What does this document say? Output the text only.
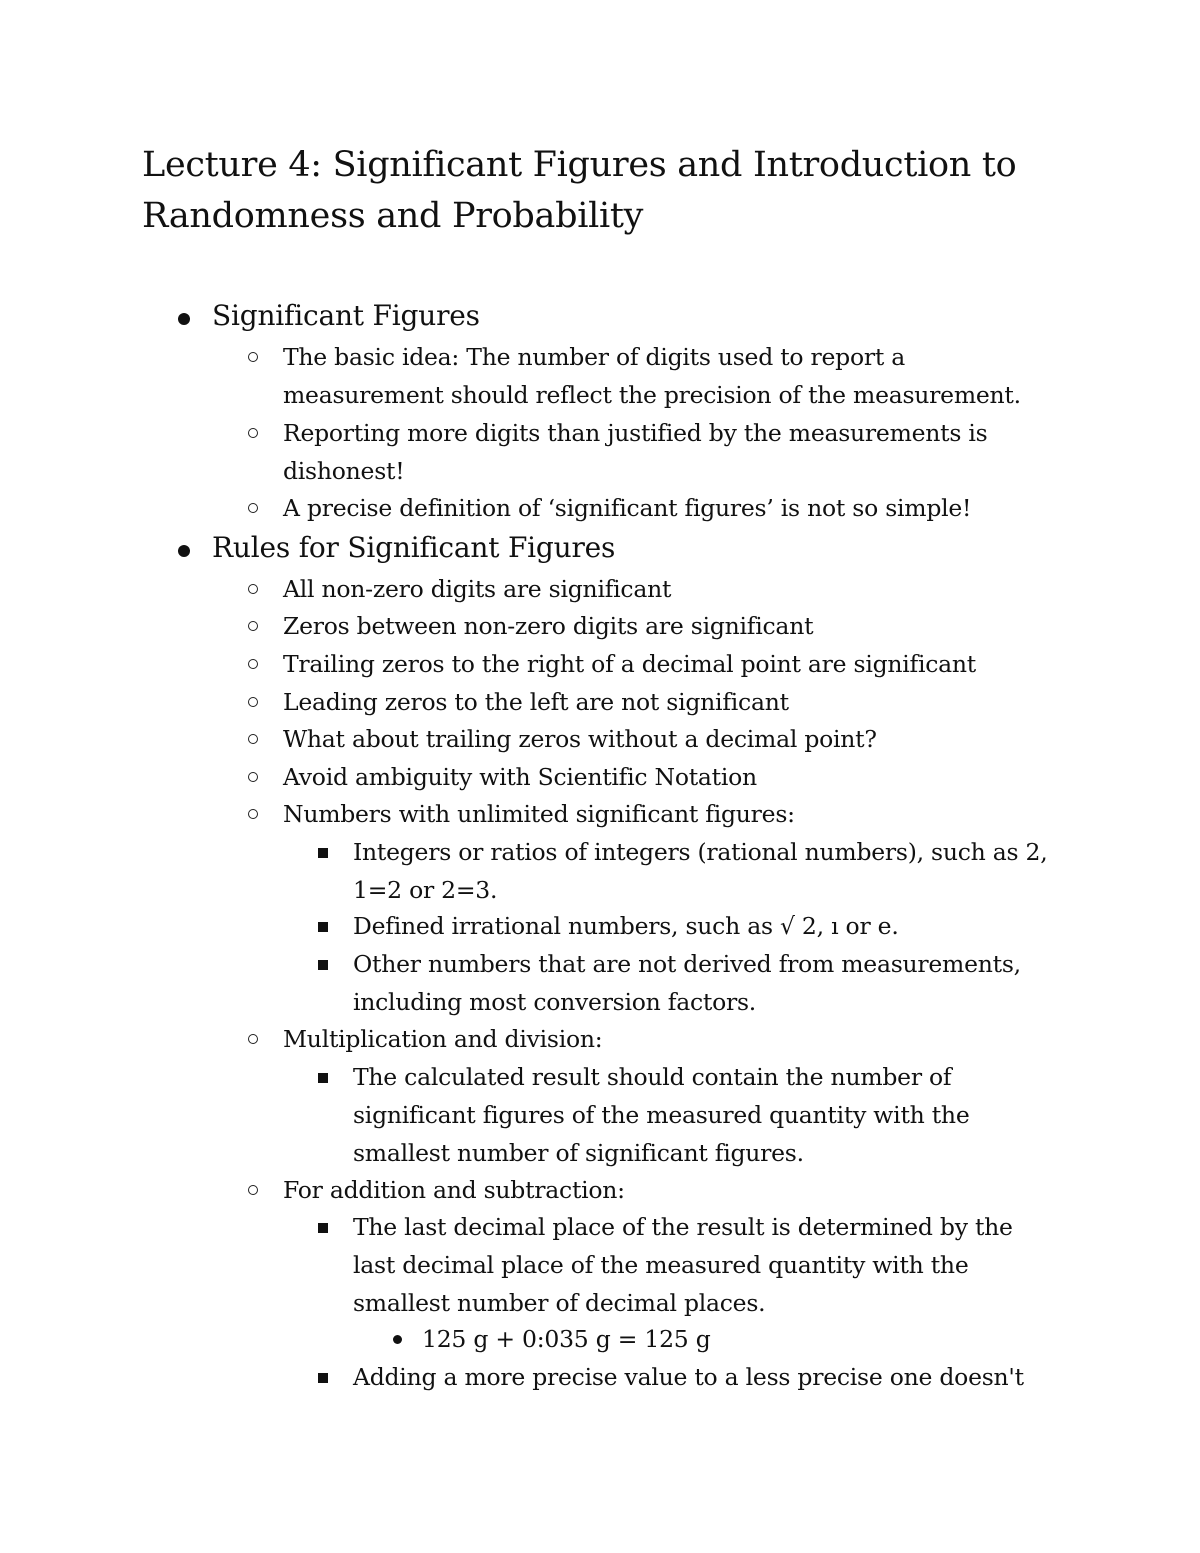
Lecture 4: Significant Figures and Introduction to
Randomness and Probability

Significant Figures

The basic idea: The number of digits used to report a
measurement should reflect the precision of the measurement.

Reporting more digits than justified by the measurements is
dishonest!

A precise definition of ‘significant figures’ is not so simple!

Rules for Significant Figures

All non-zero digits are significant

Zeros between non-zero digits are significant

Trailing zeros to the right of a decimal point are significant

Leading zeros to the left are not significant

What about trailing zeros without a decimal point?

Avoid ambiguity with Scientific Notation

Numbers with unlimited significant figures:

Integers or ratios of integers (rational numbers), such as 2,
1=2 or 2=3.

Defined irrational numbers, such as √ 2, ı or e.

Other numbers that are not derived from measurements,
including most conversion factors.

Multiplication and division:

The calculated result should contain the number of
significant figures of the measured quantity with the
smallest number of significant figures.

For addition and subtraction:

The last decimal place of the result is determined by the
last decimal place of the measured quantity with the
smallest number of decimal places.

125 g + 0:035 g = 125 g

Adding a more precise value to a less precise one doesn't
